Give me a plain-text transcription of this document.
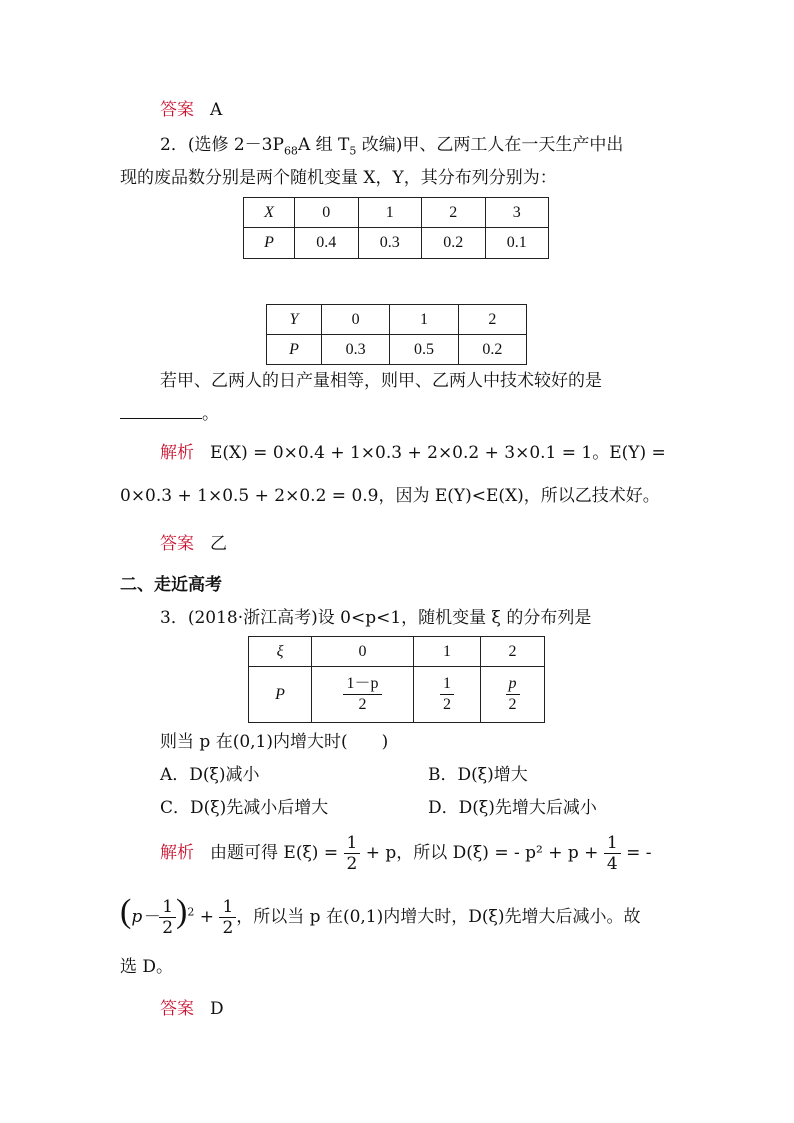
答案 A
2．(选修 $2-3P_{68}A$ 组 $T_5$ 改编)甲、乙两工人在一天生产中出
现的废品数分别是两个随机变量 X，Y，其分布列分别为：
X	0	1	2	3
P	0.4	0.3	0.2	0.1
Y	0	1	2
P	0.3	0.5	0.2
若甲、乙两人的日产量相等，则甲、乙两人中技术较好的是
。
解析 E(X) = 0×0.4 + 1×0.3 + 2×0.2 + 3×0.1 = 1。E(Y) =
0×0.3 + 1×0.5 + 2×0.2 = 0.9，因为 E(Y)<E(X)，所以乙技术好。
答案 乙
二、走近高考
3．(2018·浙江高考)设 0<p<1，随机变量 ξ 的分布列是
ξ	0	1	2
P	$\frac{1-p}{2}$	$\frac{1}{2}$	$\frac{p}{2}$
则当 p 在(0,1)内增大时(　　)
A．D(ξ)减小	B．D(ξ)增大
C．D(ξ)先减小后增大	D．D(ξ)先增大后减小
解析 由题可得 $E(\xi) = \frac{1}{2} + p$，所以 D(ξ) = - $p^2 + p + \frac{1}{4}$ = -
$(p- \frac{1}{2} )^2 + \frac{1}{2}$ ，所以当 p 在(0,1)内增大时，D(ξ)先增大后减小。故
选 D。
答案 D
